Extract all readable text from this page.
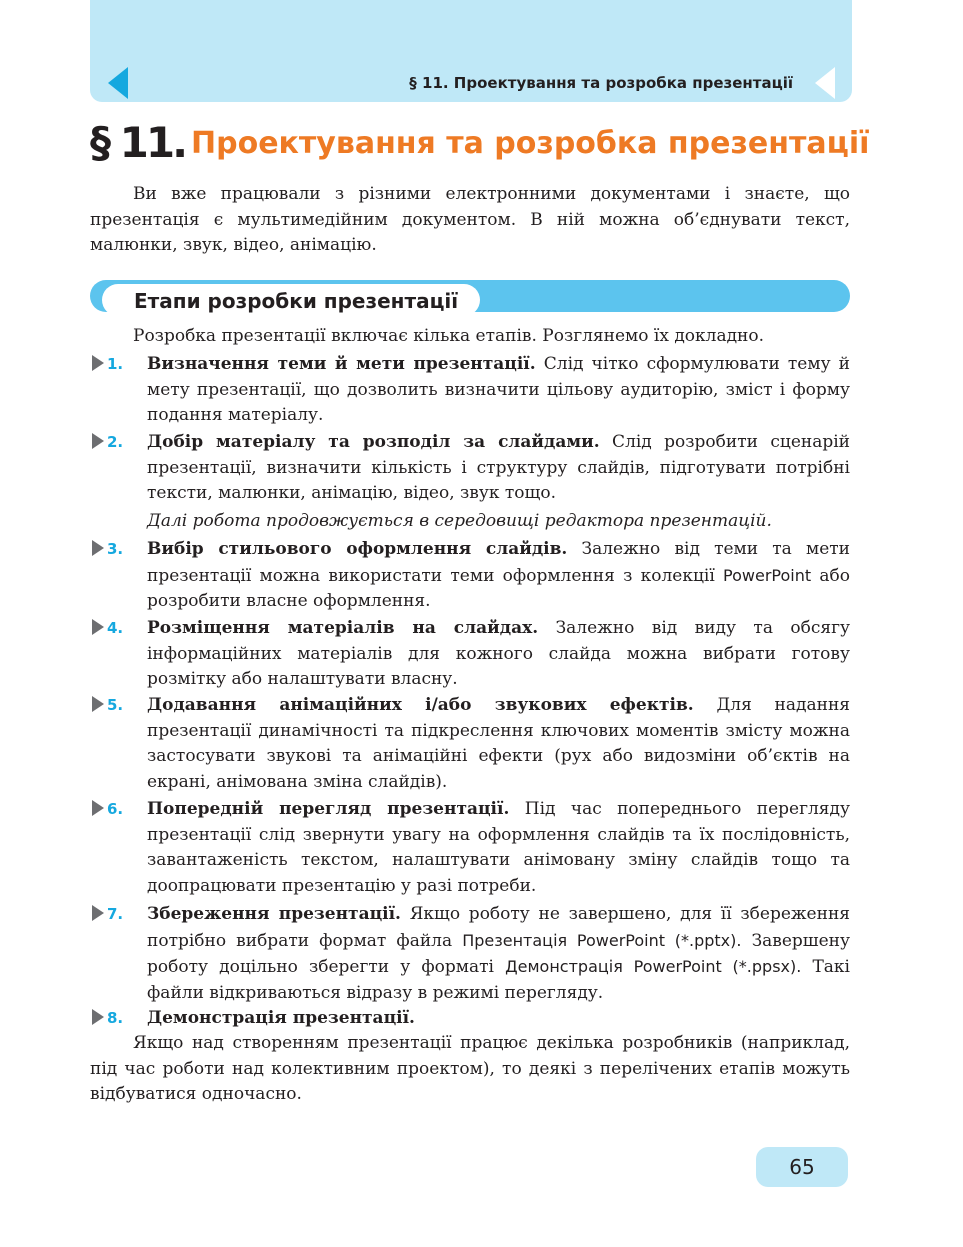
§ 11. Проектування та розробка презентації
§ 11. Проектування та розробка презентації

Ви вже працювали з різними електронними документами і знаєте, що презентація є мультимедійним документом. В ній можна об’єднувати текст, малюнки, звук, відео, анімацію.

Етапи розробки презентації

Розробка презентації включає кілька етапів. Розглянемо їх докладно.

1. Визначення теми й мети презентації. Слід чітко сформулювати тему й мету презентації, що дозволить визначити цільову аудиторію, зміст і форму подання матеріалу.

2. Добір матеріалу та розподіл за слайдами. Слід розробити сценарій презентації, визначити кількість і структуру слайдів, підготувати потрібні тексти, малюнки, анімацію, відео, звук тощо.

Далі робота продовжується в середовищі редактора презентацій.

3. Вибір стильового оформлення слайдів. Залежно від теми та мети презентації можна використати теми оформлення з колекції PowerPoint або розробити власне оформлення.

4. Розміщення матеріалів на слайдах. Залежно від виду та обсягу інформаційних матеріалів для кожного слайда можна вибрати готову розмітку або налаштувати власну.

5. Додавання анімаційних і/або звукових ефектів. Для надання презентації динамічності та підкреслення ключових моментів змісту можна застосувати звукові та анімаційні ефекти (рух або видозміни об’єктів на екрані, анімована зміна слайдів).

6. Попередній перегляд презентації. Під час попереднього перегляду презентації слід звернути увагу на оформлення слайдів та їх послідовність, завантаженість текстом, налаштувати анімовану зміну слайдів тощо та доопрацювати презентацію у разі потреби.

7. Збереження презентації. Якщо роботу не завершено, для її збереження потрібно вибрати формат файла Презентація PowerPoint (*.pptx). Завершену роботу доцільно зберегти у форматі Демонстрація PowerPoint (*.ppsx). Такі файли відкриваються відразу в режимі перегляду.

8. Демонстрація презентації.

Якщо над створенням презентації працює декілька розробників (наприклад, під час роботи над колективним проектом), то деякі з перелічених етапів можуть відбуватися одночасно.

65
